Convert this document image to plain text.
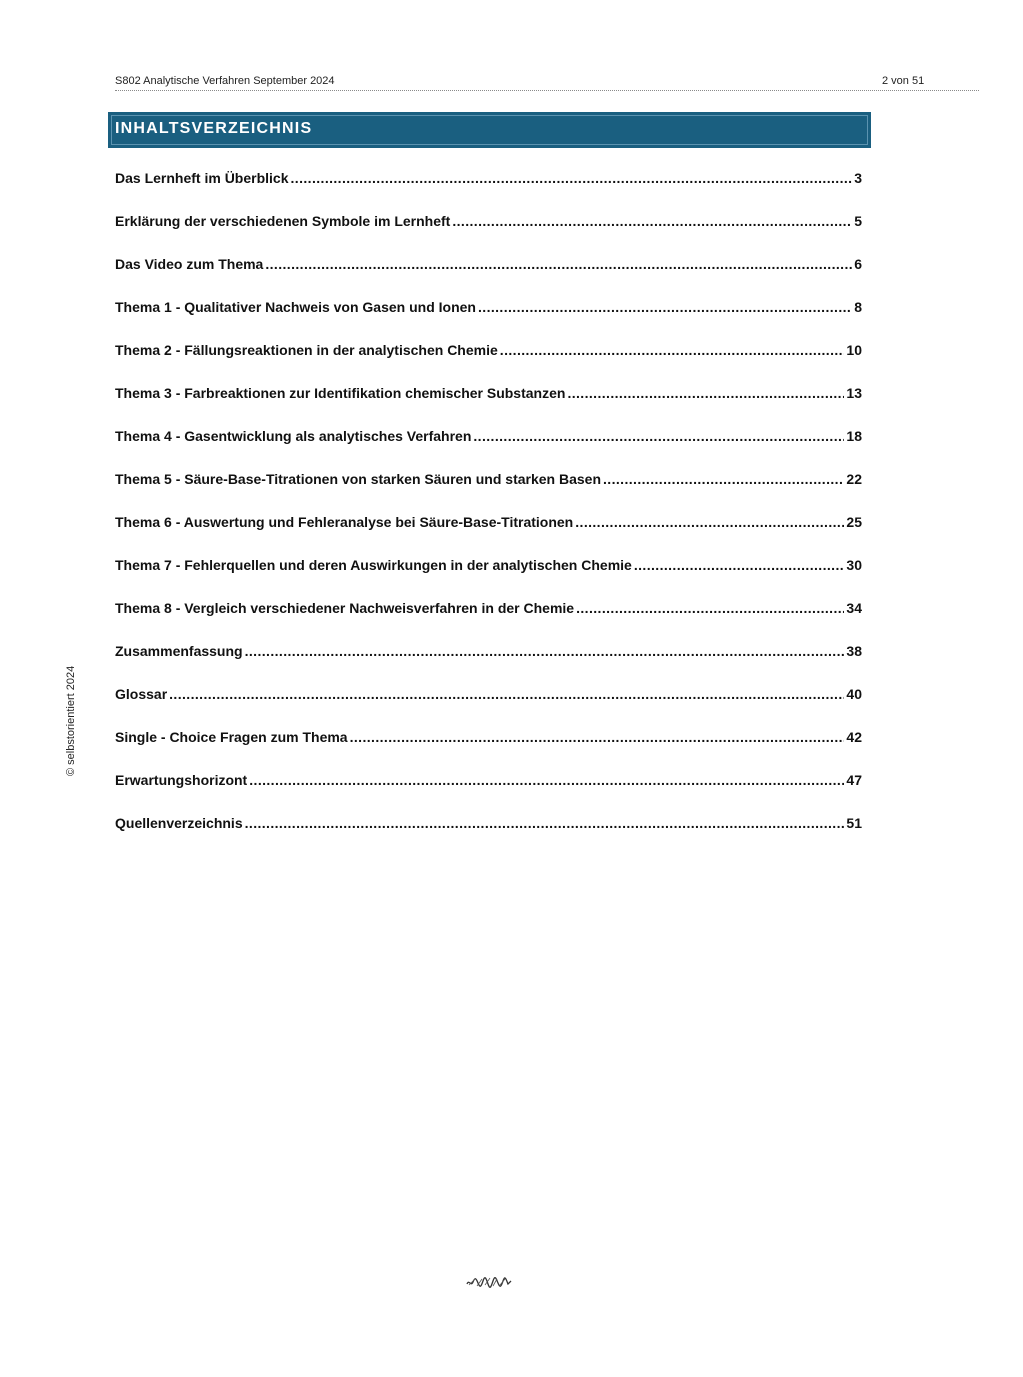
S802 Analytische Verfahren September 2024	2 von 51
INHALTSVERZEICHNIS
Das Lernheft im Überblick .....	3
Erklärung der verschiedenen Symbole im Lernheft .....	5
Das Video zum Thema .....	6
Thema 1 - Qualitativer Nachweis von Gasen und Ionen .....	8
Thema 2 - Fällungsreaktionen in der analytischen Chemie .....	10
Thema 3 - Farbreaktionen zur Identifikation chemischer Substanzen .....	13
Thema 4 - Gasentwicklung als analytisches Verfahren .....	18
Thema 5 - Säure-Base-Titrationen von starken Säuren und starken Basen .....	22
Thema 6 - Auswertung und Fehleranalyse bei Säure-Base-Titrationen .....	25
Thema 7 - Fehlerquellen und deren Auswirkungen in der analytischen Chemie .....	30
Thema 8 - Vergleich verschiedener Nachweisverfahren in der Chemie .....	34
Zusammenfassung .....	38
Glossar .....	40
Single - Choice Fragen zum Thema .....	42
Erwartungshorizont .....	47
Quellenverzeichnis .....	51
© selbstorientiert 2024
